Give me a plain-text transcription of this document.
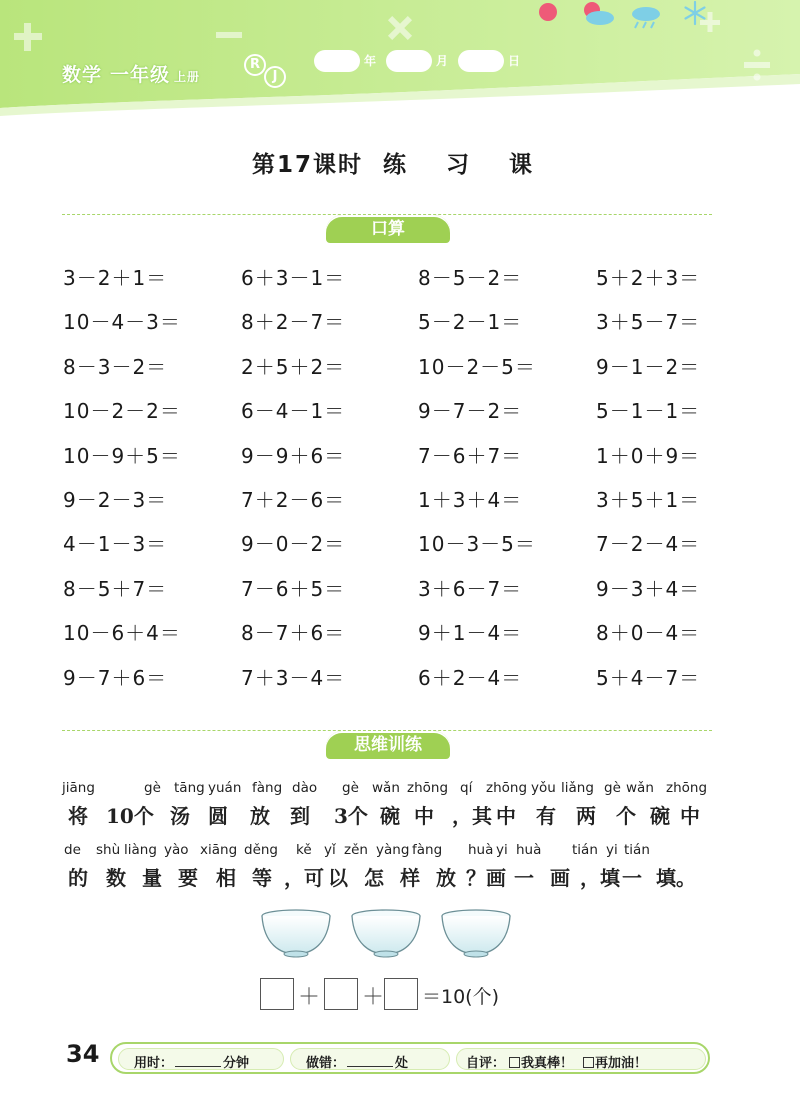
数学 一年级 上册
R
J
年	月	日
第17课时 练 习 课
口算
3－2＋1＝	6＋3－1＝	8－5－2＝	5＋2＋3＝
10－4－3＝	8＋2－7＝	5－2－1＝	3＋5－7＝
8－3－2＝	2＋5＋2＝	10－2－5＝	9－1－2＝
10－2－2＝	6－4－1＝	9－7－2＝	5－1－1＝
10－9＋5＝	9－9＋6＝	7－6＋7＝	1＋0＋9＝
9－2－3＝	7＋2－6＝	1＋3＋4＝	3＋5＋1＝
4－1－3＝	9－0－2＝	10－3－5＝	7－2－4＝
8－5＋7＝	7－6＋5＝	3＋6－7＝	9－3＋4＝
10－6＋4＝	8－7＋6＝	9＋1－4＝	8＋0－4＝
9－7＋6＝	7＋3－4＝	6＋2－4＝	5＋4－7＝
思维训练
jiāng	gè tāng yuán fàng dào gè wǎn zhōng qí zhōng yǒu liǎng gè wǎn zhōng
将 10个 汤 圆 放 到 3个 碗 中 ，其 中 有 两 个 碗 中
de shù liàng yào xiāng děng kě yǐ zěn yàng fàng huà yi huà tián yi tián
的 数 量 要 相 等 ，可 以 怎 样 放 ？画 一 画 ，填 一 填。
＋ ＋ ＝10(个)
34	用时：	分钟	做错：	处	自评： 我真棒！ 再加油！
